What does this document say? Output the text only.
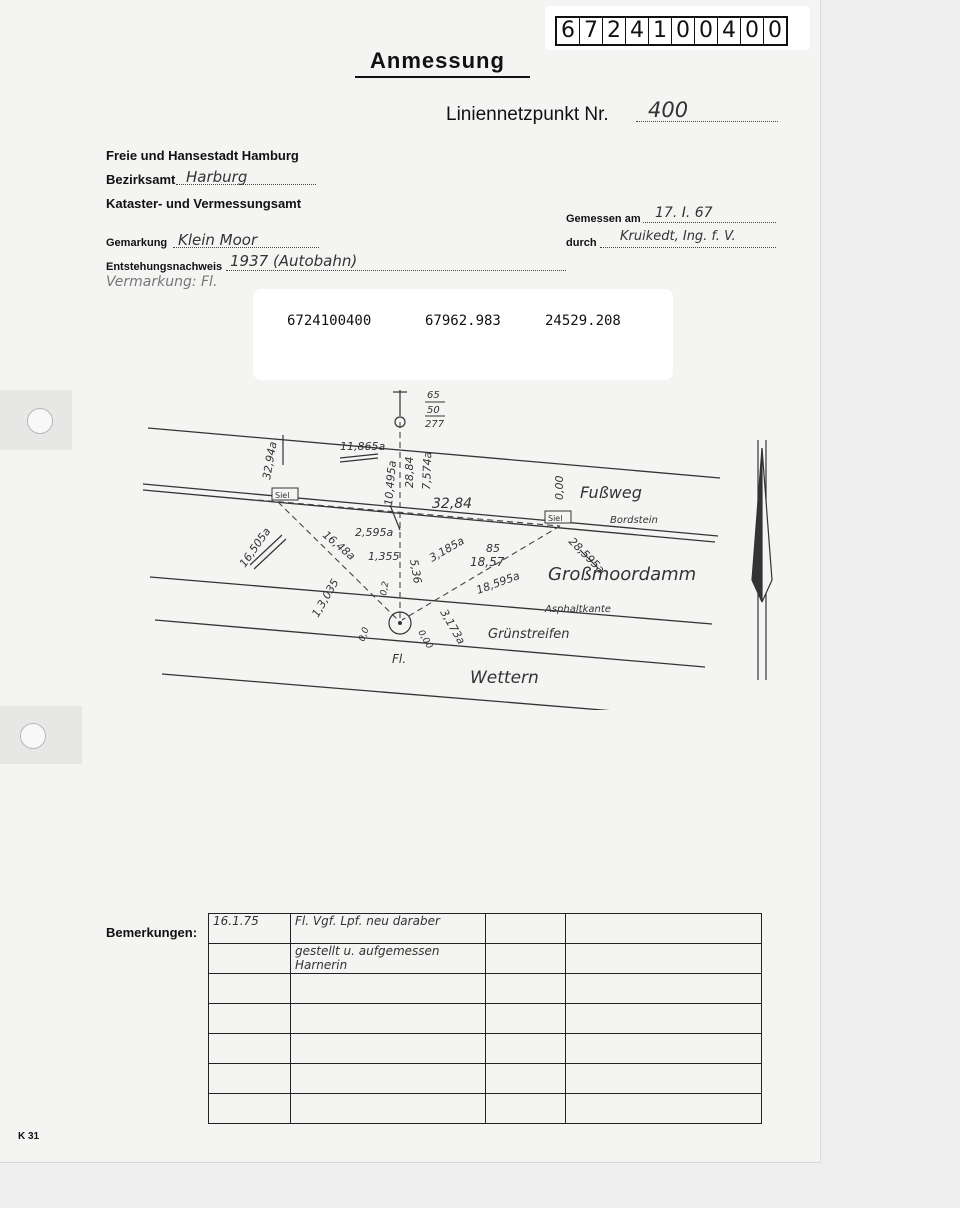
6 7 2 4 1 0 0 4 0 0
Anmessung
Liniennetzpunkt Nr. 400
Freie und Hansestadt Hamburg
Bezirksamt Harburg
Kataster- und Vermessungsamt
Gemarkung Klein Moor
Entstehungsnachweis 1937 (Autobahn)
Vermarkung: Fl.
Gemessen am 17. I. 67
durch Kruikedt, Ing. f. V.
6724100400	67962.983	24529.208
65
50
277
11,865a
32,94a	10,495a 28,84 7,574a
32,84
0,00 Fußweg
Bordstein
Siel
Siel
2,595a
1,355
16,48a
16,505a
5,36
3,185a 18,57
85
18,595a
28,595a
Großmoordamm
Asphaltkante
1,3,035	0,2
3,173a
0,00
0,0	Grünstreifen
Fl.
Wettern
Bemerkungen:
16.1.75	Fl. Vgf. Lpf. neu daraber		
	gestellt u. aufgemessen Harnerin		

K 31
